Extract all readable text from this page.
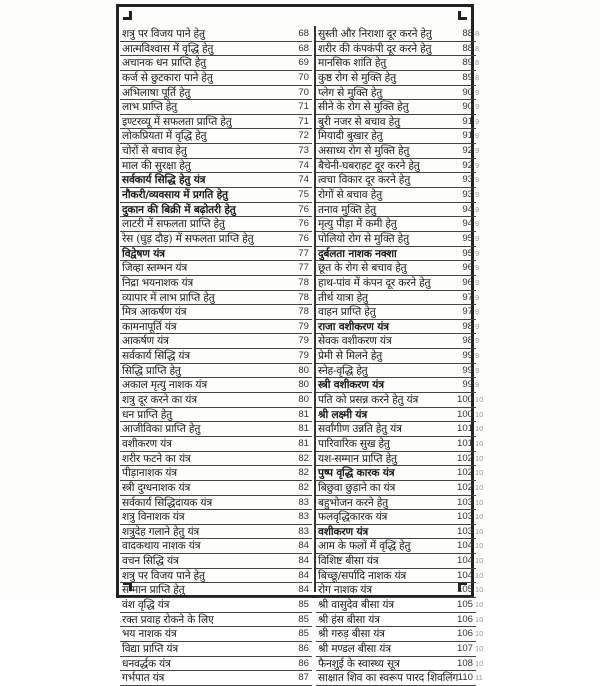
शत्रु पर विजय पाने हेतु	68
आत्मविश्वास में वृद्धि हेतु	68
अचानक धन प्राप्ति हेतु	69
कर्ज से छुटकारा पाने हेतु	70
अभिलाषा पूर्ति हेतु	70
लाभ प्राप्ति हेतु	71
इण्टरव्यू में सफलता प्राप्ति हेतु	71
लोकप्रियता में वृद्धि हेतु	72
चोरों से बचाव हेतु	73
माल की सुरक्षा हेतु	74
सर्वकार्य सिद्धि हेतु यंत्र	74
नौकरी/व्यवसाय में प्रगति हेतु	75
दुकान की बिक्री में बढ़ोतरी हेतु	76
लाटरी में सफलता प्राप्ति हेतु	76
रेस (घुड़ दौड़) में सफलता प्राप्ति हेतु	76
विद्वेषण यंत्र	77
जिव्हा स्तम्भन यंत्र	77
निद्रा भयनाशक यंत्र	78
व्यापार में लाभ प्राप्ति हेतु	78
मित्र आकर्षण यंत्र	78
कामनापूर्ति यंत्र	79
आकर्षण यंत्र	79
सर्वकार्य सिद्धि यंत्र	79
सिद्धि प्राप्ति हेतु	80
अकाल मृत्यु नाशक यंत्र	80
शत्रु दूर करने का यंत्र	80
धन प्राप्ति हेतु	81
आजीविका प्राप्ति हेतु	81
वशीकरण यंत्र	81
शरीर फटने का यंत्र	82
पीड़ानाशक यंत्र	82
स्त्री दुग्धनाशक यंत्र	82
सर्वकार्य सिद्धिदायक यंत्र	83
शत्रु विनाशक यंत्र	83
शत्रुदेह गलाने हेतु यंत्र	83
वादकथाय नाशक यंत्र	84
वचन सिद्धि यंत्र	84
शत्रु पर विजय पाने हेतु	84
सम्मान प्राप्ति हेतु	84
वंश वृद्धि यंत्र	85
रक्त प्रवाह रोकने के लिए	85
भय नाशक यंत्र	85
विद्या प्राप्ति यंत्र	86
धनवर्द्धक यंत्र	86
गर्भपात यंत्र	87
सुस्ती और निराशा दूर करने हेतु	88
शरीर की कंपकंपी दूर करने हेतु	88
मानसिक शांति हेतु	89
कुष्ठ रोग से मुक्ति हेतु	89
प्लेग से मुक्ति हेतु	90
सीने के रोग से मुक्ति हेतु	90
बुरी नजर से बचाव हेतु	91
मियादी बुखार हेतु	91
असाध्य रोग से मुक्ति हेतु	92
बैचेनी-घबराहट दूर करने हेतु	92
त्वचा विकार दूर करने हेतु	93
रोगों से बचाव हेतु	93
तनाव मुक्ति हेतु	94
मृत्यु पीड़ा में कमी हेतु	94
पोलियो रोग से मुक्ति हेतु	95
दुर्बलता नाशक नक्शा	95
छूत के रोग से बचाव हेतु	96
हाथ-पांव में कंपन दूर करने हेतु	96
तीर्थ यात्रा हेतु	97
वाहन प्राप्ति हेतु	97
राजा वशीकरण यंत्र	98
सेवक वशीकरण यंत्र	98
प्रेमी से मिलने हेतु	99
स्नेह-वृद्धि हेतु	99
स्त्री वशीकरण यंत्र	99
पति को प्रसन्न करने हेतु यंत्र	100
श्री लक्ष्मी यंत्र	100
सर्वांगीण उन्नति हेतु यंत्र	101
पारिवारिक सुख हेतु	101
यश-सम्मान प्राप्ति हेतु	102
पुष्प वृद्धि कारक यंत्र	102
बिछुवा छुड़ाने का यंत्र	102
बहुभोजन करने हेतु	103
फलवृद्धिकारक यंत्र	103
वशीकरण यंत्र	103
आम के फलों में वृद्धि हेतु	104
विशिष्ट बीसा यंत्र	104
बिच्छू/सर्पादि नाशक यंत्र	104
रोग नाशक यंत्र	105
श्री वासुदेव बीसा यंत्र	105
श्री हंस बीसा यंत्र	106
श्री गरुड़ बीसा यंत्र	106
श्री मण्डल बीसा यंत्र	107
फैनशुई के स्वास्थ्य सूत्र	108
साक्षात शिव का स्वरूप पारद शिवलिंग 110
8
8
8
8
9
9
9
9
9
9
9
9
9
9
9
9
9
9
9
9
9
9
9
9
9
10
10
10
10
10
10
10
10
10
10
10
10
10
10
10
10
10
10
10
11
